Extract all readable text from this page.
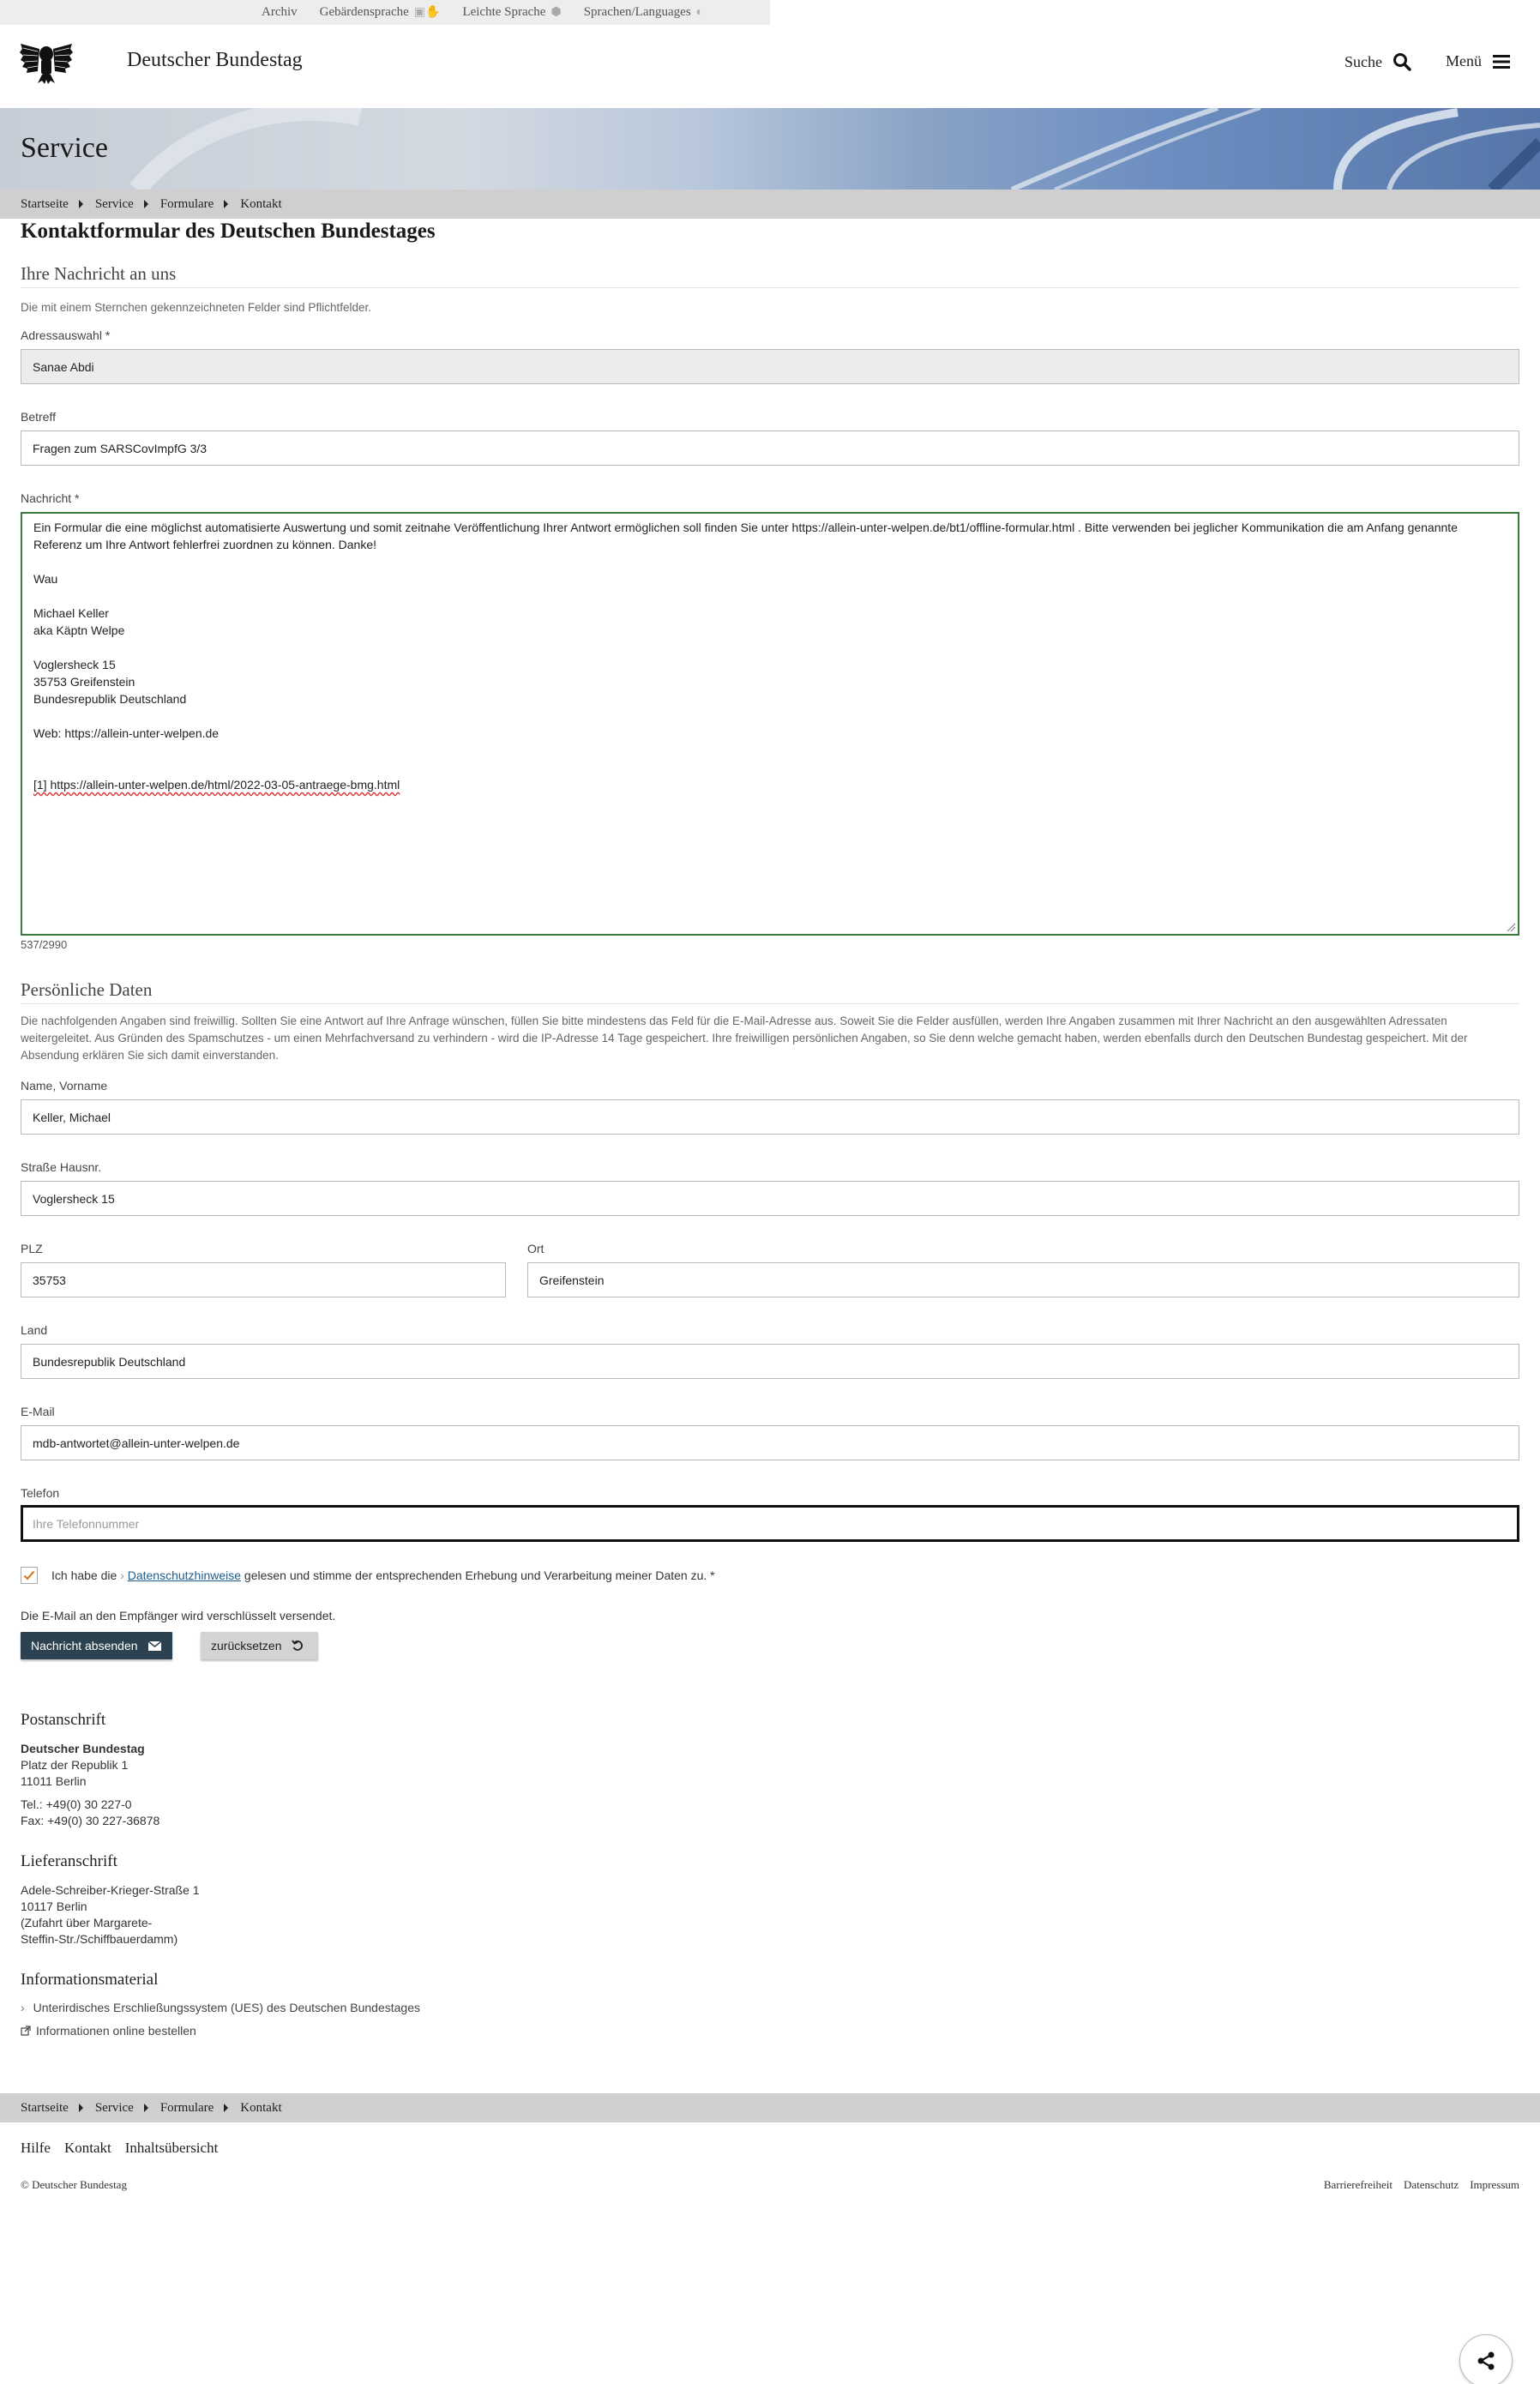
Archiv Gebärdensprache ▣✋ Leichte Sprache ⬢ Sprachen/Languages ◐
Deutscher Bundestag	Suche	Menü
Service
Startseite Service Formulare Kontakt
Kontaktformular des Deutschen Bundestages
Ihre Nachricht an uns
Die mit einem Sternchen gekennzeichneten Felder sind Pflichtfelder.
Adressauswahl *
Sanae Abdi
Betreff
Fragen zum SARSCovImpfG 3/3
Nachricht *
Ein Formular die eine möglichst automatisierte Auswertung und somit zeitnahe Veröffentlichung Ihrer Antwort ermöglichen soll finden Sie unter https://allein-unter-welpen.de/bt1/offline-formular.html . Bitte verwenden bei jeglicher Kommunikation die am Anfang genannte Referenz um Ihre Antwort fehlerfrei zuordnen zu können. Danke!

Wau

Michael Keller
aka Käptn Welpe

Voglersheck 15
35753 Greifenstein
Bundesrepublik Deutschland

Web: https://allein-unter-welpen.de

[1] https://allein-unter-welpen.de/html/2022-03-05-antraege-bmg.html

537/2990
Persönliche Daten
Die nachfolgenden Angaben sind freiwillig. Sollten Sie eine Antwort auf Ihre Anfrage wünschen, füllen Sie bitte mindestens das Feld für die E-Mail-Adresse aus. Soweit Sie die Felder ausfüllen, werden Ihre Angaben zusammen mit Ihrer Nachricht an den ausgewählten Adressaten weitergeleitet. Aus Gründen des Spamschutzes - um einen Mehrfachversand zu verhindern - wird die IP-Adresse 14 Tage gespeichert. Ihre freiwilligen persönlichen Angaben, so Sie denn welche gemacht haben, werden ebenfalls durch den Deutschen Bundestag gespeichert. Mit der Absendung erklären Sie sich damit einverstanden.
Name, Vorname
Keller, Michael
Straße Hausnr.
Voglersheck 15
PLZ
35753
Ort
Greifenstein
Land
Bundesrepublik Deutschland
E-Mail
mdb-antwortet@allein-unter-welpen.de
Telefon
Ihre Telefonnummer
Ich habe die › Datenschutzhinweise gelesen und stimme der entsprechenden Erhebung und Verarbeitung meiner Daten zu. *
Die E-Mail an den Empfänger wird verschlüsselt versendet.
Nachricht absenden	zurücksetzen
Postanschrift
Deutscher Bundestag
Platz der Republik 1
11011 Berlin
Tel.: +49(0) 30 227-0
Fax: +49(0) 30 227-36878
Lieferanschrift
Adele-Schreiber-Krieger-Straße 1
10117 Berlin
(Zufahrt über Margarete-
Steffin-Str./Schiffbauerdamm)
Informationsmaterial
› Unterirdisches Erschließungssystem (UES) des Deutschen Bundestages
Informationen online bestellen
Startseite Service Formulare Kontakt
Hilfe Kontakt Inhaltsübersicht
© Deutscher Bundestag	Barrierefreiheit Datenschutz Impressum
